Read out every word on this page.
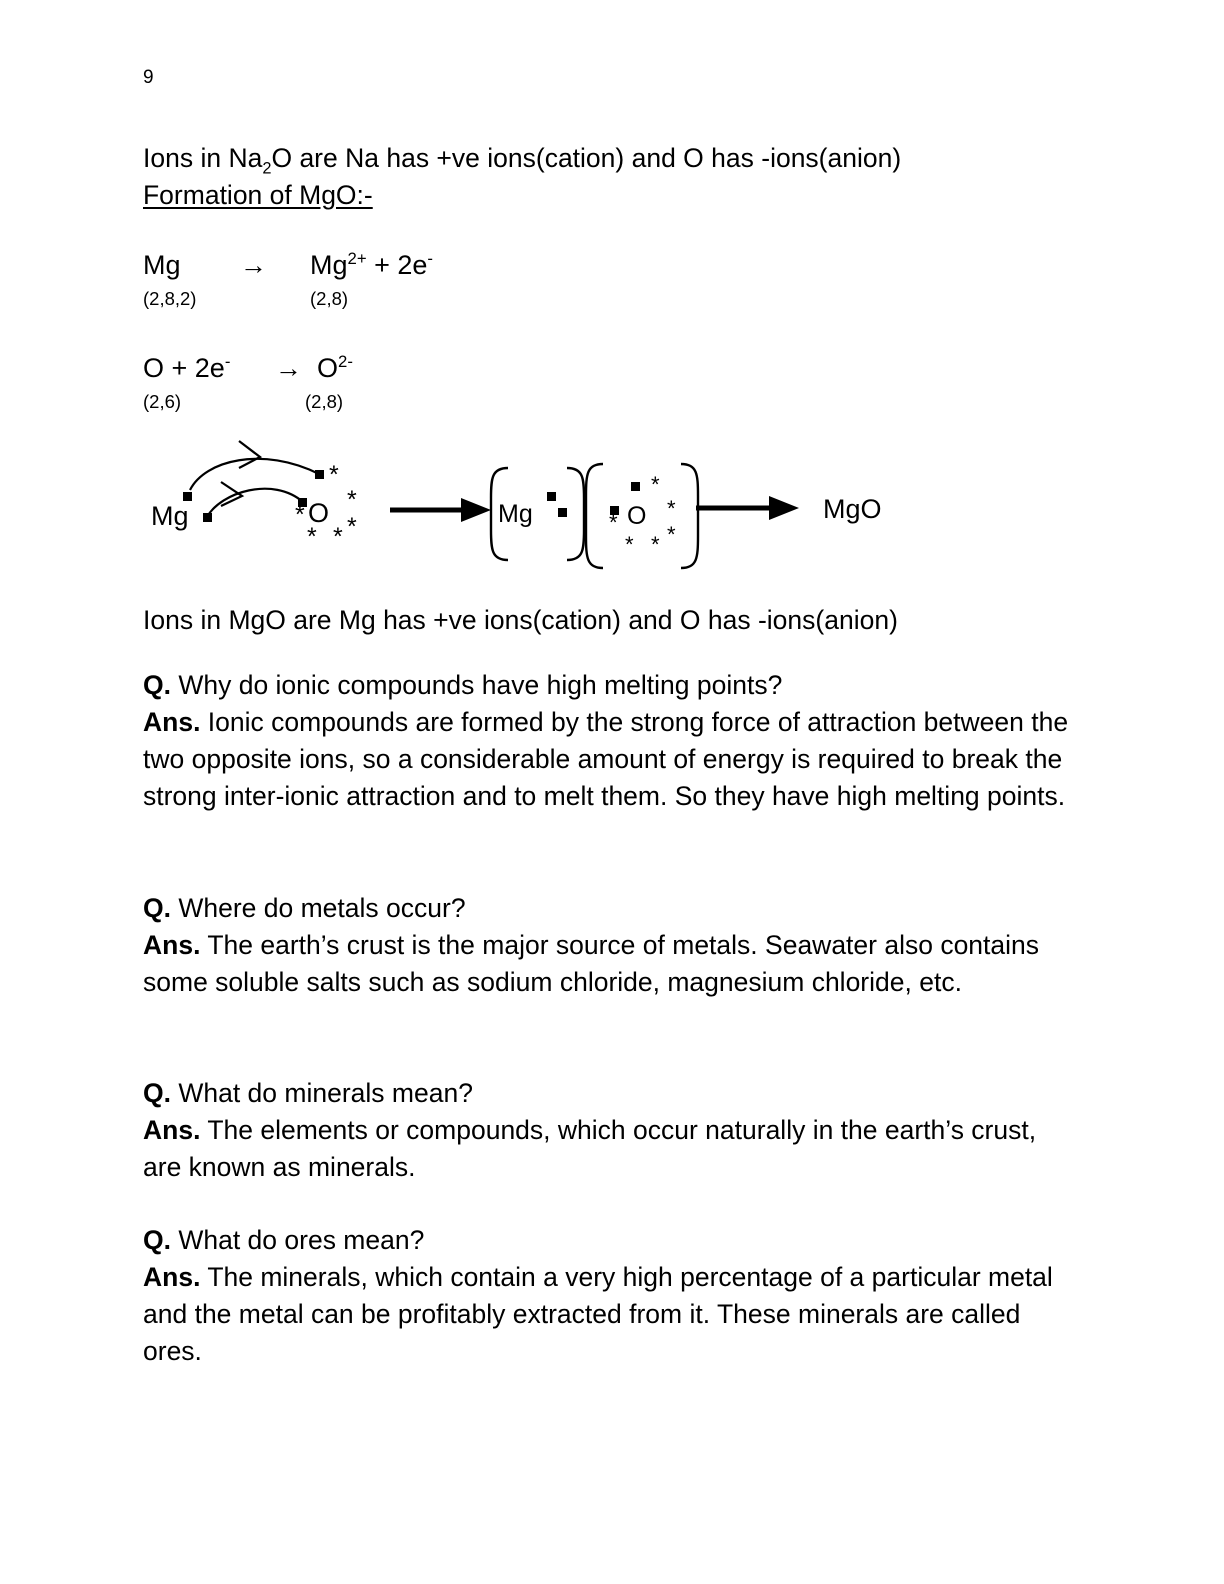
9
Ions in $Na_2O$ are Na has +ve ions(cation) and O has -ions(anion)
Formation of MgO:-
$Mg \to Mg^{2+} + 2e^-$
(2,8,2)	(2,8)
$O + 2e^- \to O^{2-}$
(2,6)	(2,8)
Mg	O
*
*
*
*
* *
Mg	O
*
*
*
*
* *
MgO
Ions in MgO are Mg has +ve ions(cation) and O has -ions(anion)
Q. Why do ionic compounds have high melting points?
Ans. Ionic compounds are formed by the strong force of attraction between the two opposite ions, so a considerable amount of energy is required to break the strong inter-ionic attraction and to melt them. So they have high melting points.
Q. Where do metals occur?
Ans. The earth’s crust is the major source of metals. Seawater also contains some soluble salts such as sodium chloride, magnesium chloride, etc.
Q. What do minerals mean?
Ans. The elements or compounds, which occur naturally in the earth’s crust, are known as minerals.
Q. What do ores mean?
Ans. The minerals, which contain a very high percentage of a particular metal and the metal can be profitably extracted from it. These minerals are called ores.
